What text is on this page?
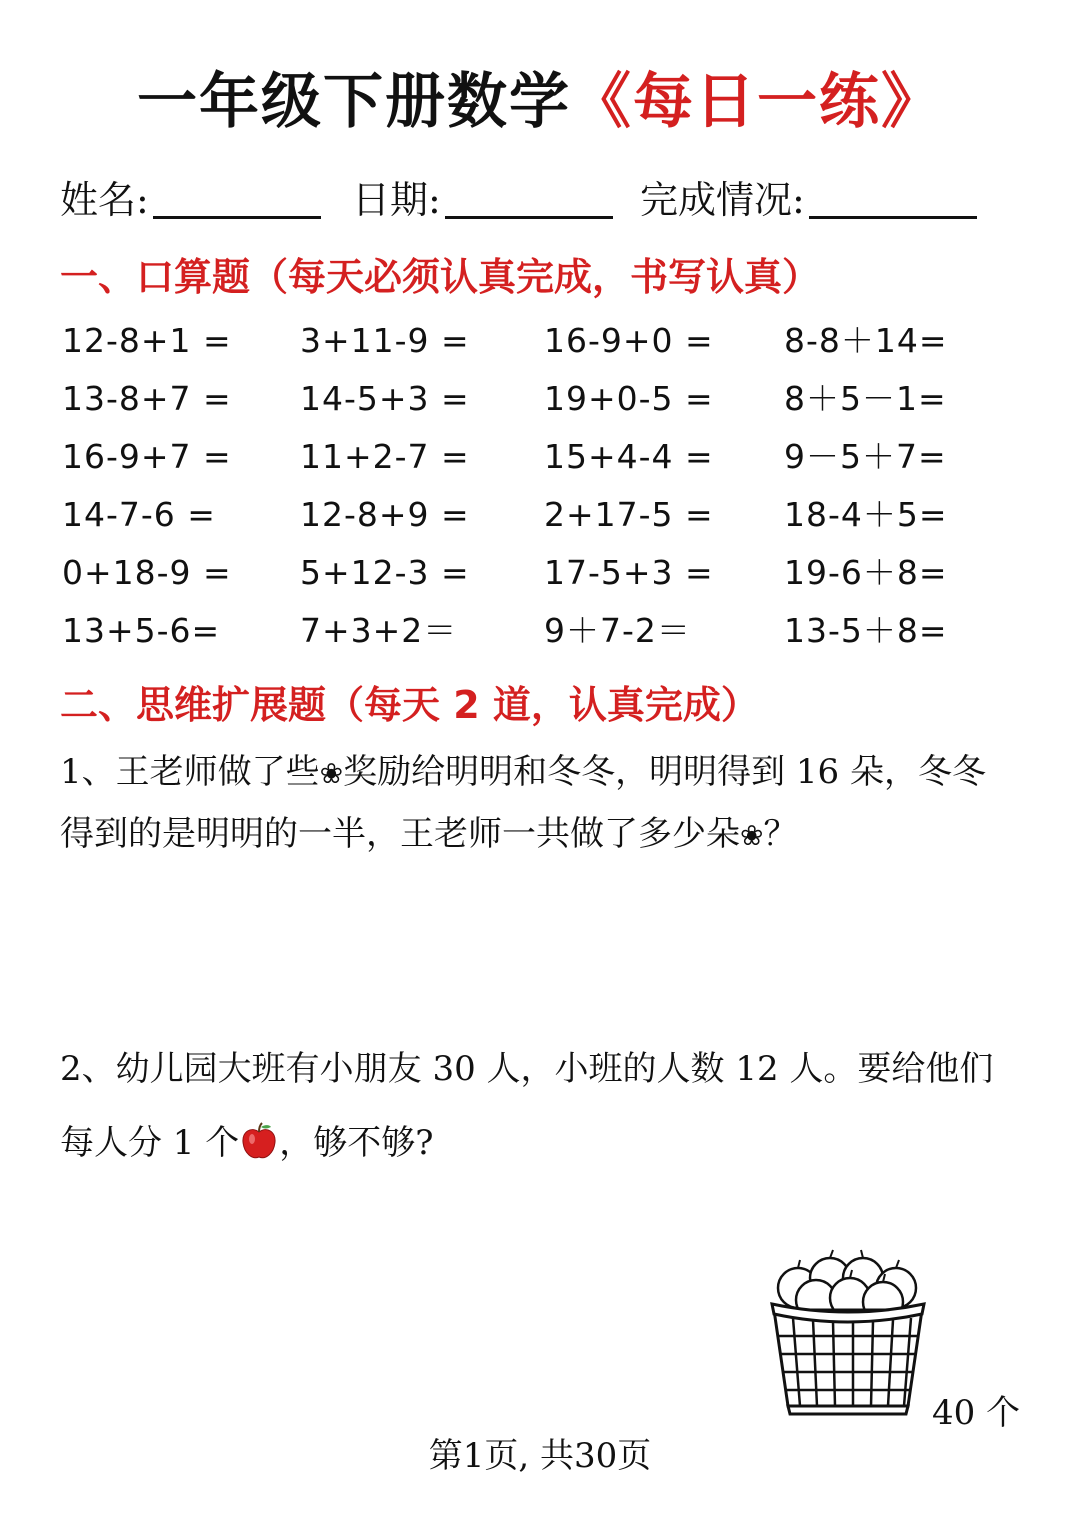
一年级下册数学《每日一练》
姓名:	日期:	完成情况:
一、口算题（每天必须认真完成，书写认真）
12-8+1 = 3+11-9 = 16-9+0 = 8-8＋14=
13-8+7 = 14-5+3 = 19+0-5 = 8＋5－1=
16-9+7 = 11+2-7 = 15+4-4 = 9－5＋7=
14-7-6 =	12-8+9 = 2+17-5 = 18-4＋5=
0+18-9 = 5+12-3 = 17-5+3 = 19-6＋8=
13+5-6= 7+3+2＝	9＋7-2＝	13-5＋8=
二、思维扩展题（每天 2 道，认真完成）
1、王老师做了些❀奖励给明明和冬冬，明明得到 16 朵，冬冬
得到的是明明的一半，王老师一共做了多少朵❀？
2、幼儿园大班有小朋友 30 人，小班的人数 12 人。要给他们
每人分 1 个 ，够不够?
40 个
第1页, 共30页
